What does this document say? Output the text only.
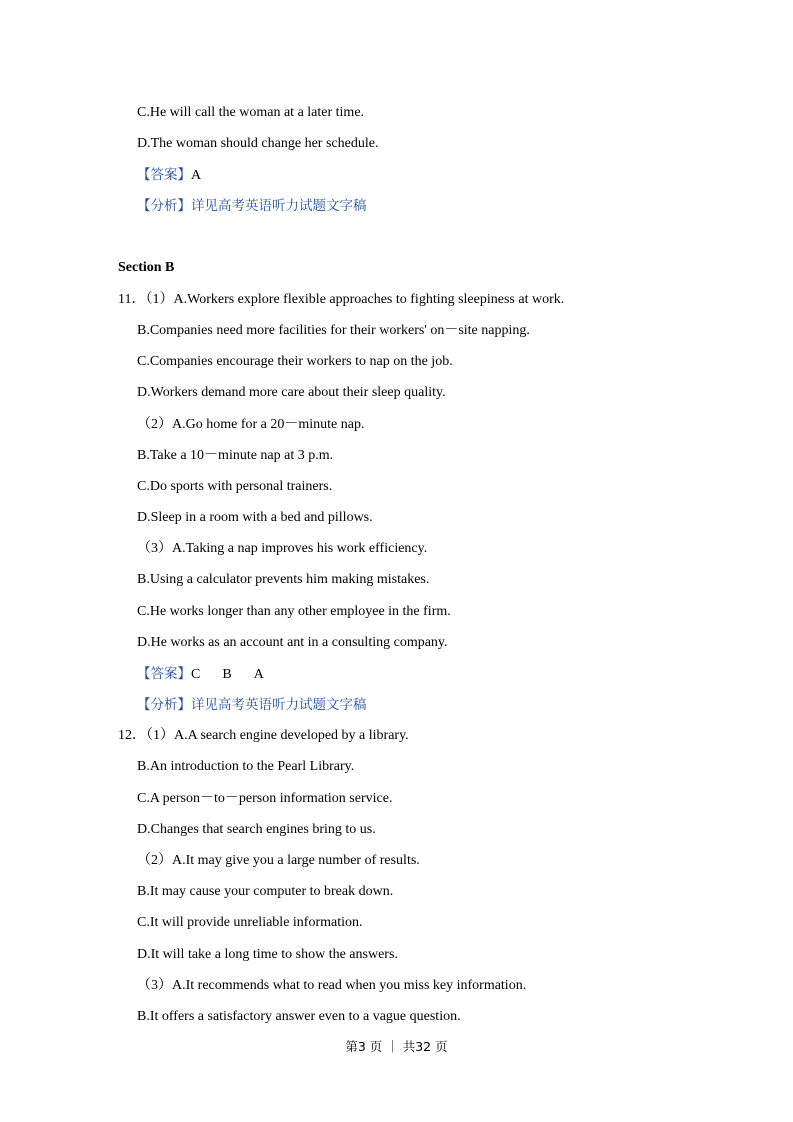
C.He will call the woman at a later time.
D.The woman should change her schedule.
【答案】A
【分析】详见高考英语听力试题文字稿
Section B
11．（1）A.Workers explore flexible approaches to fighting sleepiness at work.
B.Companies need more facilities for their workers' on－site napping.
C.Companies encourage their workers to nap on the job.
D.Workers demand more care about their sleep quality.
（2）A.Go home for a 20－minute nap.
B.Take a 10－minute nap at 3 p.m.
C.Do sports with personal trainers.
D.Sleep in a room with a bed and pillows.
（3）A.Taking a nap improves his work efficiency.
B.Using a calculator prevents him making mistakes.
C.He works longer than any other employee in the firm.
D.He works as an account ant in a consulting company.
【答案】C B A
【分析】详见高考英语听力试题文字稿
12．（1）A.A search engine developed by a library.
B.An introduction to the Pearl Library.
C.A person－to－person information service.
D.Changes that search engines bring to us.
（2）A.It may give you a large number of results.
B.It may cause your computer to break down.
C.It will provide unreliable information.
D.It will take a long time to show the answers.
（3）A.It recommends what to read when you miss key information.
B.It offers a satisfactory answer even to a vague question.
第3 页 ｜ 共32 页
